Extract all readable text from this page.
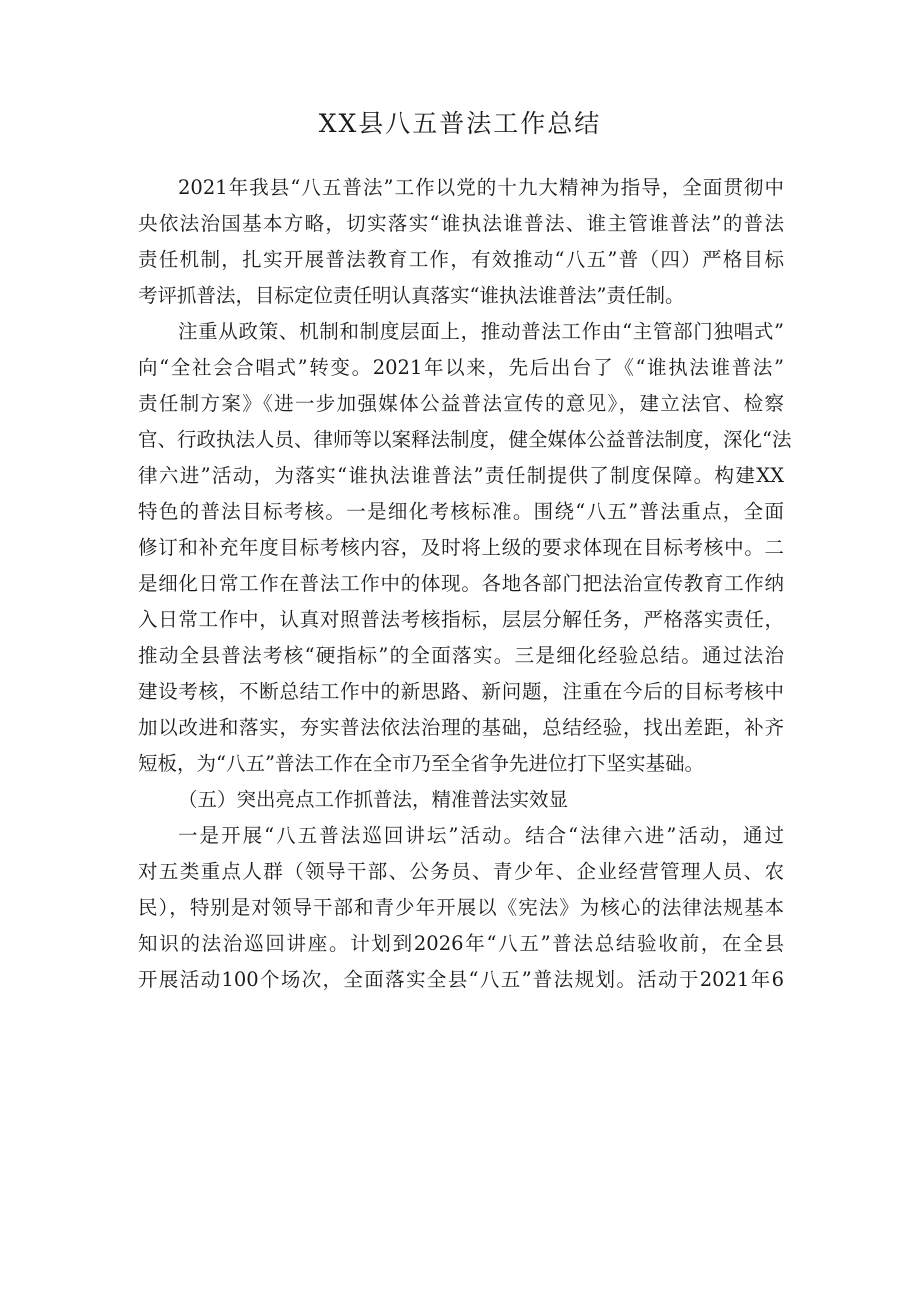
XX县八五普法工作总结
2021年我县“八五普法”工作以党的十九大精神为指导，全面贯彻中
央依法治国基本方略，切实落实“谁执法谁普法、谁主管谁普法”的普法
责任机制，扎实开展普法教育工作，有效推动“八五”普（四）严格目标
考评抓普法，目标定位责任明认真落实“谁执法谁普法”责任制。
注重从政策、机制和制度层面上，推动普法工作由“主管部门独唱式”
向“全社会合唱式”转变。2021年以来，先后出台了《“谁执法谁普法”
责任制方案》《进一步加强媒体公益普法宣传的意见》，建立法官、检察
官、行政执法人员、律师等以案释法制度，健全媒体公益普法制度，深化“法
律六进”活动，为落实“谁执法谁普法”责任制提供了制度保障。构建XX
特色的普法目标考核。一是细化考核标准。围绕“八五”普法重点，全面
修订和补充年度目标考核内容，及时将上级的要求体现在目标考核中。二
是细化日常工作在普法工作中的体现。各地各部门把法治宣传教育工作纳
入日常工作中，认真对照普法考核指标，层层分解任务，严格落实责任，
推动全县普法考核“硬指标”的全面落实。三是细化经验总结。通过法治
建设考核，不断总结工作中的新思路、新问题，注重在今后的目标考核中
加以改进和落实，夯实普法依法治理的基础，总结经验，找出差距，补齐
短板，为“八五”普法工作在全市乃至全省争先进位打下坚实基础。
（五）突出亮点工作抓普法，精准普法实效显
一是开展“八五普法巡回讲坛”活动。结合“法律六进”活动，通过
对五类重点人群（领导干部、公务员、青少年、企业经营管理人员、农
民），特别是对领导干部和青少年开展以《宪法》为核心的法律法规基本
知识的法治巡回讲座。计划到2026年“八五”普法总结验收前，在全县
开展活动100个场次，全面落实全县“八五”普法规划。活动于2021年6
